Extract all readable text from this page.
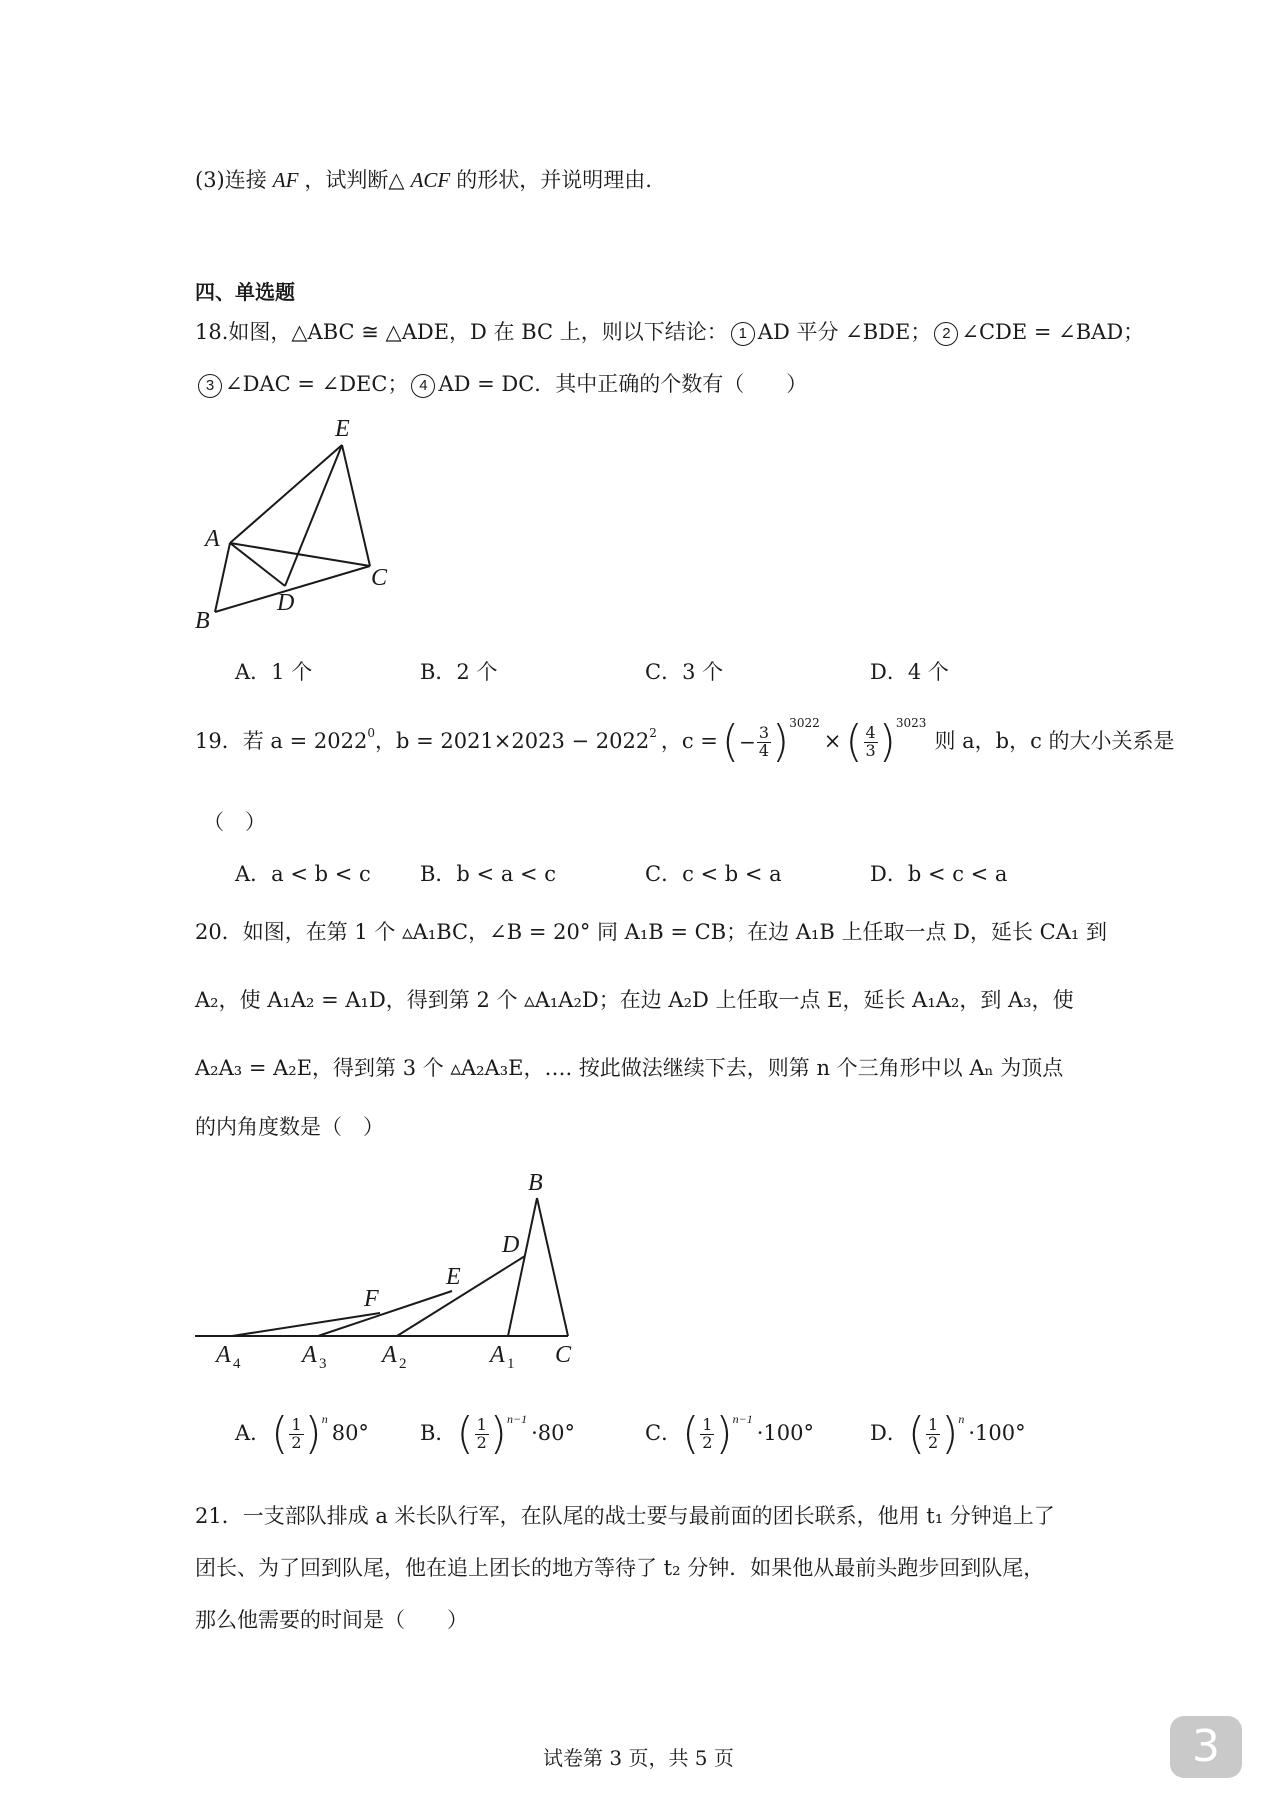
(3)连接 AF ，试判断△ ACF 的形状，并说明理由.
四、单选题
18.如图，△ABC ≅ △ADE，D 在 BC 上，则以下结论： 1 AD 平分 ∠BDE； 2 ∠CDE = ∠BAD；
3 ∠DAC = ∠DEC； 4 AD = DC．其中正确的个数有（　　）
E
A
C
D
B
A．1 个	B．2 个	C．3 个	D．4 个
19．若 $a = 2022^0$ ，$b = 2021\times 2023 - 2022^2$ ，c = ( − $\frac{3}{4} )^{3022}$
× ( $\frac{4}{3} )^{3023}$
则 a，b，c 的大小关系是
（　）
A．a < b < c B．b < a < c	C．c < b < a	D．b < c < a
20．如图，在第 1 个 ▵A₁BC，∠B = 20° 同 A₁B = CB；在边 A₁B 上任取一点 D，延长 CA₁ 到
A₂，使 A₁A₂ = A₁D，得到第 2 个 ▵A₁A₂D；在边 A₂D 上任取一点 E，延长 A₁A₂，到 A₃，使
A₂A₃ = A₂E，得到第 3 个 ▵A₂A₃E，…. 按此做法继续下去，则第 n 个三角形中以 Aₙ 为顶点
的内角度数是（　）
B
D
E
F
A 4	A 3 A 2	A 1 C
A． ( $\frac{1}{2} )^n$
80° B． ( $\frac{1}{2} )^{n-1}$
·80°	C． ( $\frac{1}{2} )^{n-1}$
·100°	D． ( $\frac{1}{2} )^n$
·100°
21．一支部队排成 a 米长队行军，在队尾的战士要与最前面的团长联系，他用 t₁ 分钟追上了
团长、为了回到队尾，他在追上团长的地方等待了 t₂ 分钟．如果他从最前头跑步回到队尾，
那么他需要的时间是（　　）
试卷第 3 页，共 5 页	3
